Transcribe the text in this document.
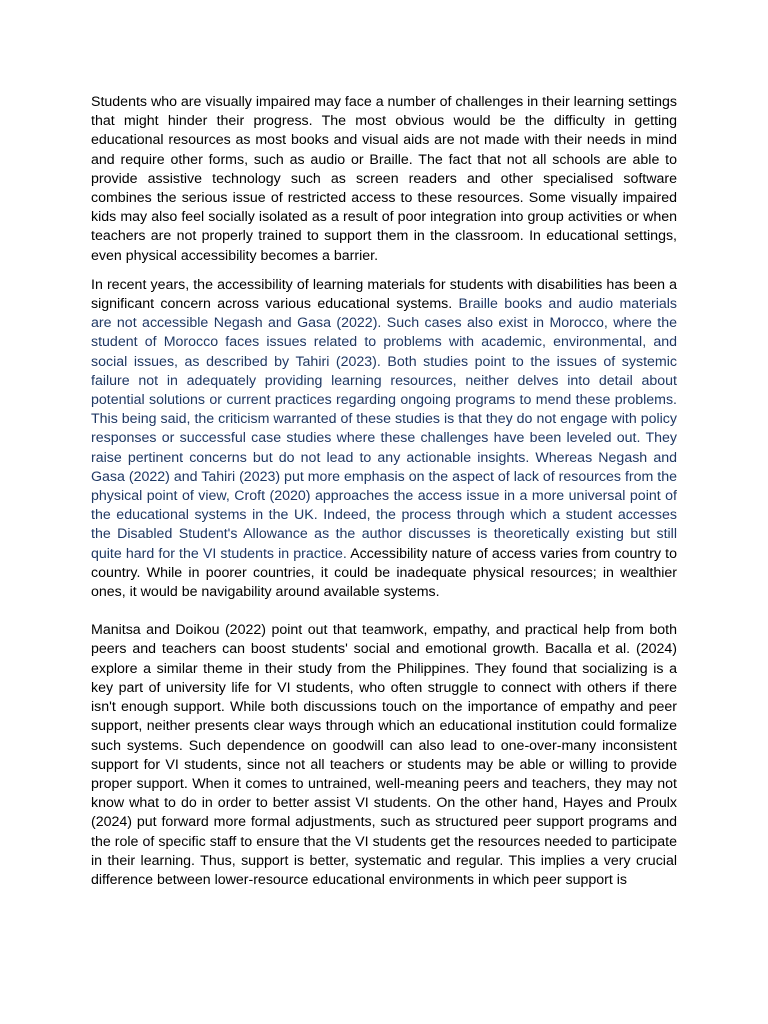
Students who are visually impaired may face a number of challenges in their learning settings that might hinder their progress. The most obvious would be the difficulty in getting educational resources as most books and visual aids are not made with their needs in mind and require other forms, such as audio or Braille. The fact that not all schools are able to provide assistive technology such as screen readers and other specialised software combines the serious issue of restricted access to these resources. Some visually impaired kids may also feel socially isolated as a result of poor integration into group activities or when teachers are not properly trained to support them in the classroom. In educational settings, even physical accessibility becomes a barrier.

In recent years, the accessibility of learning materials for students with disabilities has been a significant concern across various educational systems. Braille books and audio materials are not accessible Negash and Gasa (2022). Such cases also exist in Morocco, where the student of Morocco faces issues related to problems with academic, environmental, and social issues, as described by Tahiri (2023). Both studies point to the issues of systemic failure not in adequately providing learning resources, neither delves into detail about potential solutions or current practices regarding ongoing programs to mend these problems. This being said, the criticism warranted of these studies is that they do not engage with policy responses or successful case studies where these challenges have been leveled out. They raise pertinent concerns but do not lead to any actionable insights. Whereas Negash and Gasa (2022) and Tahiri (2023) put more emphasis on the aspect of lack of resources from the physical point of view, Croft (2020) approaches the access issue in a more universal point of the educational systems in the UK. Indeed, the process through which a student accesses the Disabled Student's Allowance as the author discusses is theoretically existing but still quite hard for the VI students in practice. Accessibility nature of access varies from country to country. While in poorer countries, it could be inadequate physical resources; in wealthier ones, it would be navigability around available systems.

Manitsa and Doikou (2022) point out that teamwork, empathy, and practical help from both peers and teachers can boost students' social and emotional growth. Bacalla et al. (2024) explore a similar theme in their study from the Philippines. They found that socializing is a key part of university life for VI students, who often struggle to connect with others if there isn't enough support. While both discussions touch on the importance of empathy and peer support, neither presents clear ways through which an educational institution could formalize such systems. Such dependence on goodwill can also lead to one-over-many inconsistent support for VI students, since not all teachers or students may be able or willing to provide proper support. When it comes to untrained, well-meaning peers and teachers, they may not know what to do in order to better assist VI students. On the other hand, Hayes and Proulx (2024) put forward more formal adjustments, such as structured peer support programs and the role of specific staff to ensure that the VI students get the resources needed to participate in their learning. Thus, support is better, systematic and regular. This implies a very crucial difference between lower-resource educational environments in which peer support is
